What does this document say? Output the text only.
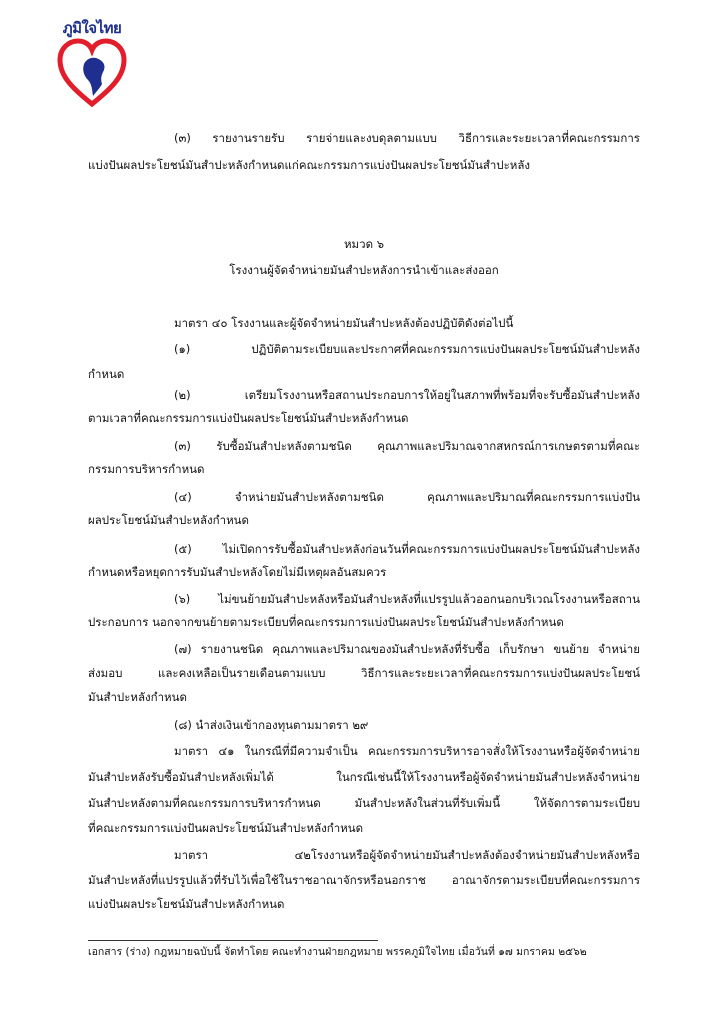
ภูมิใจไทย

(๓) รายงานรายรับ รายจ่ายและงบดุลตามแบบ วิธีการและระยะเวลาที่คณะกรรมการ

แบ่งปันผลประโยชน์มันสำปะหลังกำหนดแก่คณะกรรมการแบ่งปันผลประโยชน์มันสำปะหลัง

หมวด ๖

โรงงานผู้จัดจำหน่ายมันสำปะหลังการนำเข้าและส่งออก

มาตรา ๔๐ โรงงานและผู้จัดจำหน่ายมันสำปะหลังต้องปฏิบัติดังต่อไปนี้

(๑) ปฏิบัติตามระเบียบและประกาศที่คณะกรรมการแบ่งปันผลประโยชน์มันสำปะหลัง

กำหนด

(๒) เตรียมโรงงานหรือสถานประกอบการให้อยู่ในสภาพที่พร้อมที่จะรับซื้อมันสำปะหลัง

ตามเวลาที่คณะกรรมการแบ่งปันผลประโยชน์มันสำปะหลังกำหนด

(๓) รับซื้อมันสำปะหลังตามชนิด คุณภาพและปริมาณจากสหกรณ์การเกษตรตามที่คณะ

กรรมการบริหารกำหนด

(๔) จำหน่ายมันสำปะหลังตามชนิด คุณภาพและปริมาณที่คณะกรรมการแบ่งปัน

ผลประโยชน์มันสำปะหลังกำหนด

(๕) ไม่เปิดการรับซื้อมันสำปะหลังก่อนวันที่คณะกรรมการแบ่งปันผลประโยชน์มันสำปะหลัง

กำหนดหรือหยุดการรับมันสำปะหลังโดยไม่มีเหตุผลอันสมควร

(๖) ไม่ขนย้ายมันสำปะหลังหรือมันสำปะหลังที่แปรรูปแล้วออกนอกบริเวณโรงงานหรือสถาน

ประกอบการ นอกจากขนย้ายตามระเบียบที่คณะกรรมการแบ่งปันผลประโยชน์มันสำปะหลังกำหนด

(๗) รายงานชนิด คุณภาพและปริมาณของมันสำปะหลังที่รับซื้อ เก็บรักษา ขนย้าย จำหน่าย

ส่งมอบ และคงเหลือเป็นรายเดือนตามแบบ วิธีการและระยะเวลาที่คณะกรรมการแบ่งปันผลประโยชน์

มันสำปะหลังกำหนด

(๘) นำส่งเงินเข้ากองทุนตามมาตรา ๒๙

มาตรา ๔๑ ในกรณีที่มีความจำเป็น คณะกรรมการบริหารอาจสั่งให้โรงงานหรือผู้จัดจำหน่าย

มันสำปะหลังรับซื้อมันสำปะหลังเพิ่มได้ ในกรณีเช่นนี้ให้โรงงานหรือผู้จัดจำหน่ายมันสำปะหลังจำหน่าย

มันสำปะหลังตามที่คณะกรรมการบริหารกำหนด มันสำปะหลังในส่วนที่รับเพิ่มนี้ ให้จัดการตามระเบียบ

ที่คณะกรรมการแบ่งปันผลประโยชน์มันสำปะหลังกำหนด

มาตรา ๔๒โรงงานหรือผู้จัดจำหน่ายมันสำปะหลังต้องจำหน่ายมันสำปะหลังหรือ

มันสำปะหลังที่แปรรูปแล้วที่รับไว้เพื่อใช้ในราชอาณาจักรหรือนอกราช อาณาจักรตามระเบียบที่คณะกรรมการ

แบ่งปันผลประโยชน์มันสำปะหลังกำหนด

เอกสาร (ร่าง) กฎหมายฉบับนี้ จัดทำโดย คณะทำงานฝ่ายกฎหมาย พรรคภูมิใจไทย เมื่อวันที่ ๑๗ มกราคม ๒๕๖๒
